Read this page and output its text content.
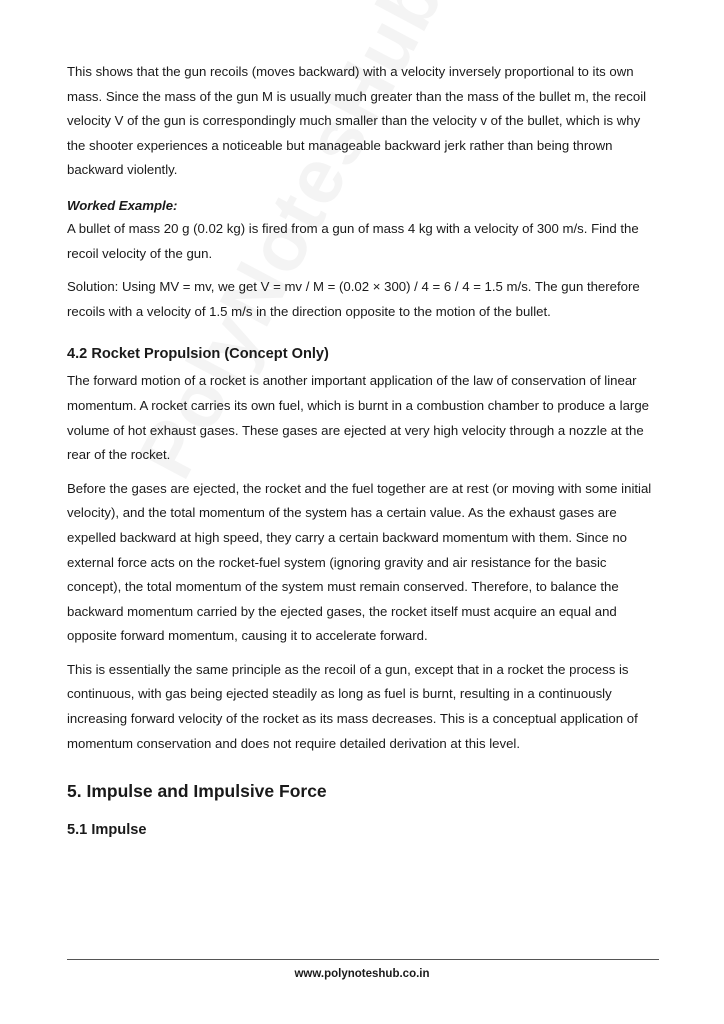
This shows that the gun recoils (moves backward) with a velocity inversely proportional to its own mass. Since the mass of the gun M is usually much greater than the mass of the bullet m, the recoil velocity V of the gun is correspondingly much smaller than the velocity v of the bullet, which is why the shooter experiences a noticeable but manageable backward jerk rather than being thrown backward violently.

Worked Example:

A bullet of mass 20 g (0.02 kg) is fired from a gun of mass 4 kg with a velocity of 300 m/s. Find the recoil velocity of the gun.

Solution: Using MV = mv, we get V = mv / M = (0.02 × 300) / 4 = 6 / 4 = 1.5 m/s. The gun therefore recoils with a velocity of 1.5 m/s in the direction opposite to the motion of the bullet.

4.2 Rocket Propulsion (Concept Only)

The forward motion of a rocket is another important application of the law of conservation of linear momentum. A rocket carries its own fuel, which is burnt in a combustion chamber to produce a large volume of hot exhaust gases. These gases are ejected at very high velocity through a nozzle at the rear of the rocket.

Before the gases are ejected, the rocket and the fuel together are at rest (or moving with some initial velocity), and the total momentum of the system has a certain value. As the exhaust gases are expelled backward at high speed, they carry a certain backward momentum with them. Since no external force acts on the rocket-fuel system (ignoring gravity and air resistance for the basic concept), the total momentum of the system must remain conserved. Therefore, to balance the backward momentum carried by the ejected gases, the rocket itself must acquire an equal and opposite forward momentum, causing it to accelerate forward.

This is essentially the same principle as the recoil of a gun, except that in a rocket the process is continuous, with gas being ejected steadily as long as fuel is burnt, resulting in a continuously increasing forward velocity of the rocket as its mass decreases. This is a conceptual application of momentum conservation and does not require detailed derivation at this level.

5. Impulse and Impulsive Force
5.1 Impulse
www.polynoteshub.co.in
